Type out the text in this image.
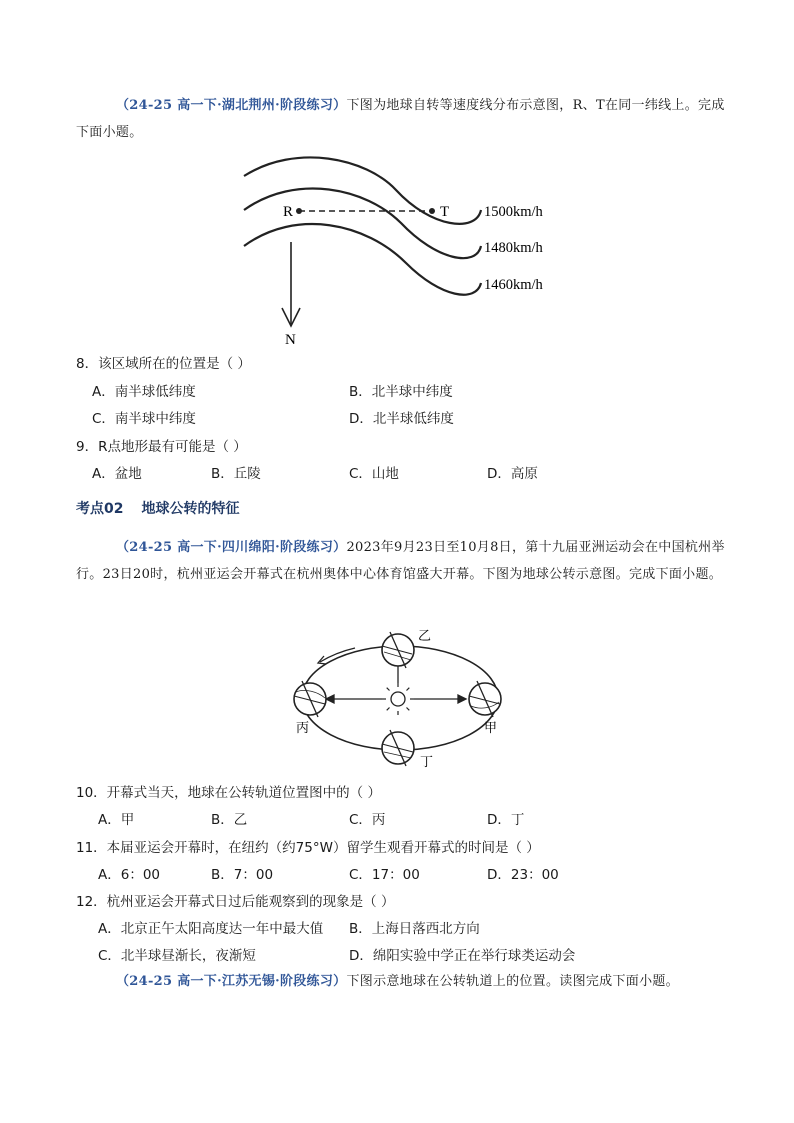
（24-25 高一下·湖北荆州·阶段练习）下图为地球自转等速度线分布示意图，R、T在同一纬线上。完成下面小题。
R	T 1500km/h
1480km/h
1460km/h
N
8．该区域所在的位置是（ ）
A．南半球低纬度	B．北半球中纬度
C．南半球中纬度	D．北半球低纬度
9．R点地形最有可能是（ ）
A．盆地	B．丘陵	C．山地	D．高原
考点02 地球公转的特征
（24-25 高一下·四川绵阳·阶段练习）2023年9月23日至10月8日，第十九届亚洲运动会在中国杭州举行。23日20时，杭州亚运会开幕式在杭州奥体中心体育馆盛大开幕。下图为地球公转示意图。完成下面小题。
乙
丙	甲
丁
10．开幕式当天，地球在公转轨道位置图中的（ ）
A．甲	B．乙	C．丙	D．丁
11．本届亚运会开幕时，在纽约（约75°W）留学生观看开幕式的时间是（ ）
A．6：00	B．7：00	C．17：00	D．23：00
12．杭州亚运会开幕式日过后能观察到的现象是（ ）
A．北京正午太阳高度达一年中最大值 B．上海日落西北方向
C．北半球昼渐长，夜渐短	D．绵阳实验中学正在举行球类运动会
（24-25 高一下·江苏无锡·阶段练习）下图示意地球在公转轨道上的位置。读图完成下面小题。
